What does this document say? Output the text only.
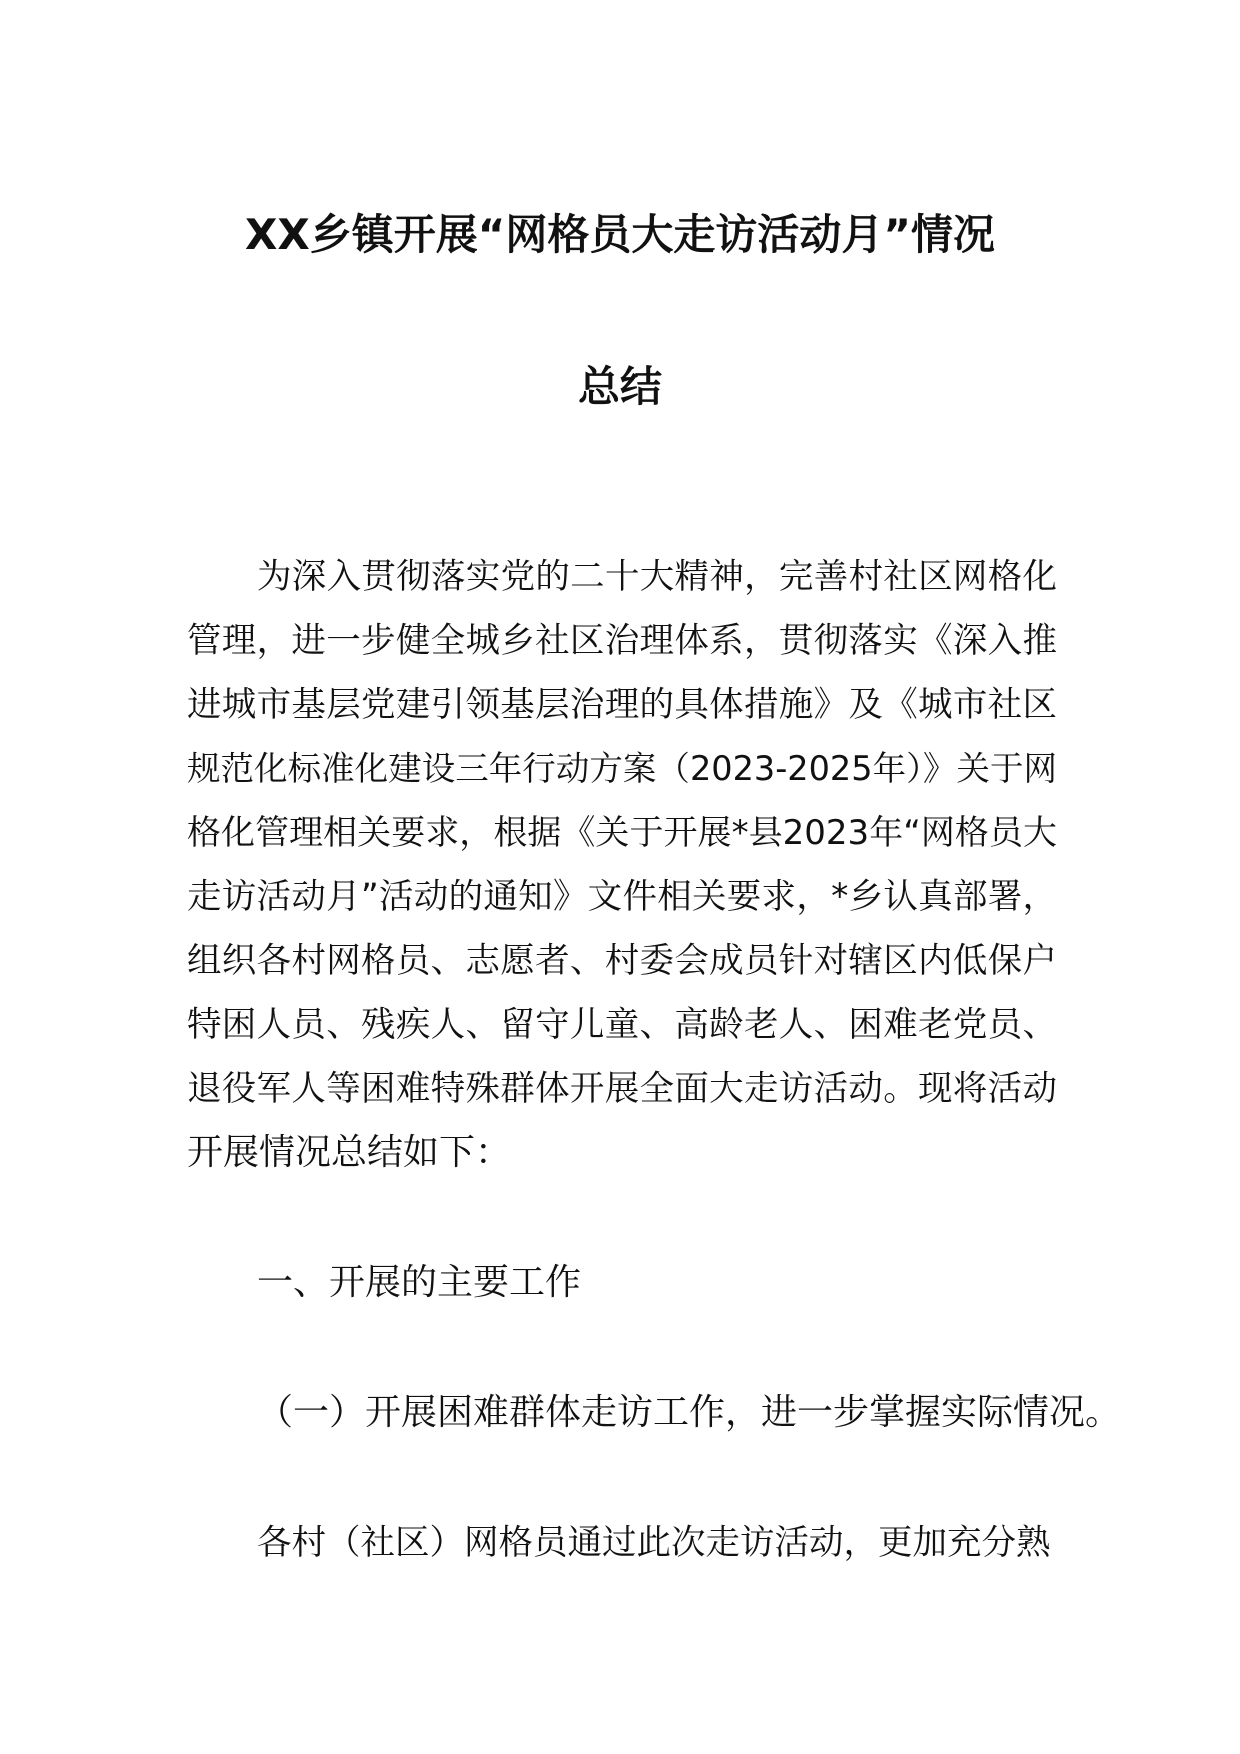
XX乡镇开展“网格员大走访活动月”情况
总结
为深入贯彻落实党的二十大精神，完善村社区网格化
管理，进一步健全城乡社区治理体系，贯彻落实《深入推
进城市基层党建引领基层治理的具体措施》及《城市社区
规范化标准化建设三年行动方案（2023-2025年）》关于网
格化管理相关要求，根据《关于开展*县2023年“网格员大
走访活动月”活动的通知》文件相关要求，*乡认真部署，
组织各村网格员、志愿者、村委会成员针对辖区内低保户
特困人员、残疾人、留守儿童、高龄老人、困难老党员、
退役军人等困难特殊群体开展全面大走访活动。现将活动
开展情况总结如下：
一、开展的主要工作
（一）开展困难群体走访工作，进一步掌握实际情况。
各村（社区）网格员通过此次走访活动，更加充分熟
